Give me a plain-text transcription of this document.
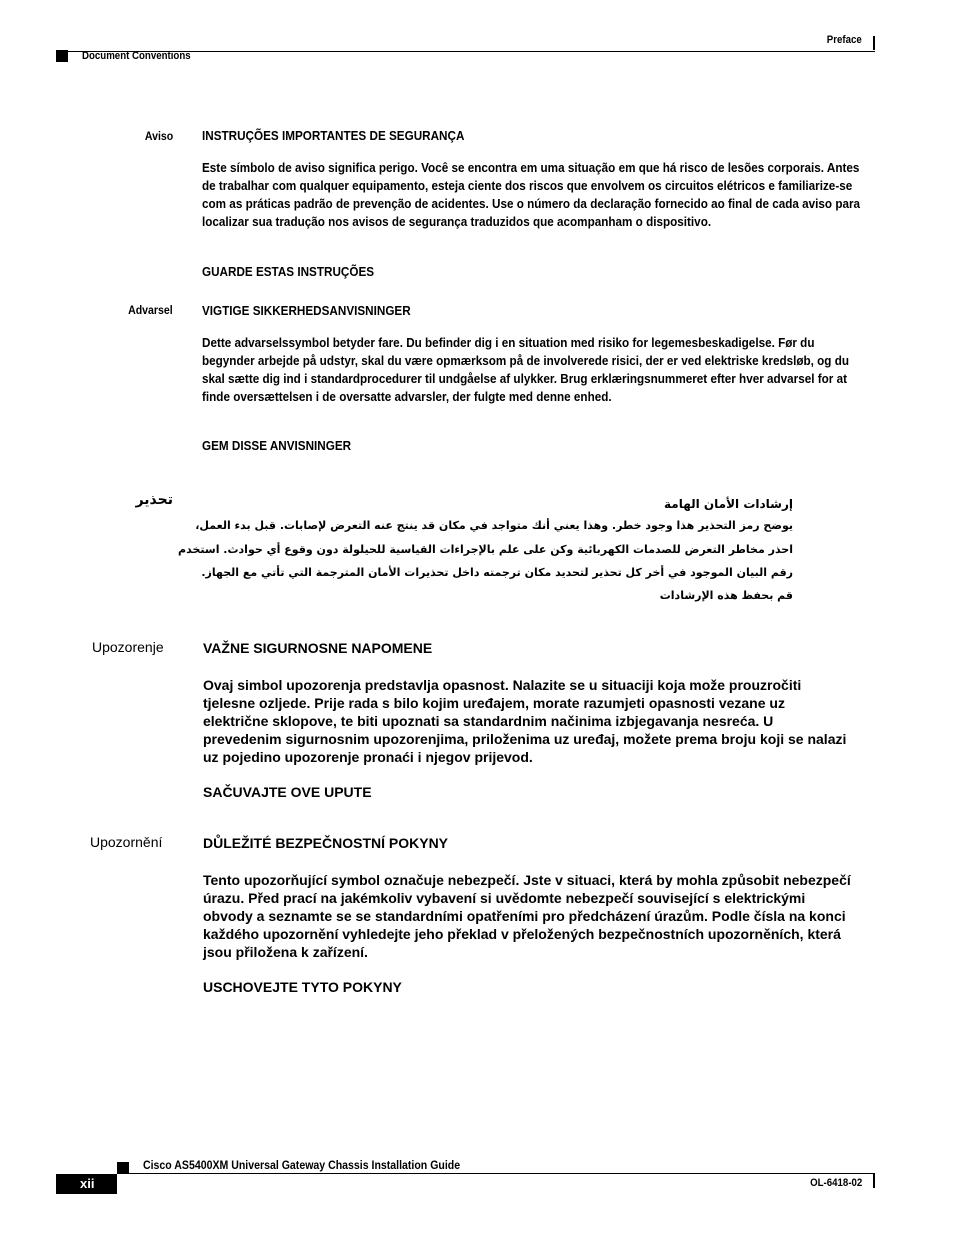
Preface
Document Conventions
Aviso INSTRUÇÕES IMPORTANTES DE SEGURANÇA
Este símbolo de aviso significa perigo. Você se encontra em uma situação em que há risco de lesões corporais. Antes de trabalhar com qualquer equipamento, esteja ciente dos riscos que envolvem os circuitos elétricos e familiarize-se com as práticas padrão de prevenção de acidentes. Use o número da declaração fornecido ao final de cada aviso para localizar sua tradução nos avisos de segurança traduzidos que acompanham o dispositivo.
GUARDE ESTAS INSTRUÇÕES
Advarsel VIGTIGE SIKKERHEDSANVISNINGER
Dette advarselssymbol betyder fare. Du befinder dig i en situation med risiko for legemesbeskadigelse. Før du begynder arbejde på udstyr, skal du være opmærksom på de involverede risici, der er ved elektriske kredsløb, og du skal sætte dig ind i standardprocedurer til undgåelse af ulykker. Brug erklæringsnummeret efter hver advarsel for at finde oversættelsen i de oversatte advarsler, der fulgte med denne enhed.
GEM DISSE ANVISNINGER
تحذير	إرشادات الأمان الهامة
يوضح رمز التحذير هذا وجود خطر. وهذا يعني أنك متواجد في مكان قد ينتج عنه التعرض لإصابات. قبل بدء العمل،
احذر مخاطر التعرض للصدمات الكهربائية وكن على علم بالإجراءات القياسية للحيلولة دون وقوع أي حوادث. استخدم
رقم البيان الموجود في أخر كل تحذير لتحديد مكان ترجمته داخل تحذيرات الأمان المترجمة التي تأتي مع الجهاز.
قم بحفظ هذه الإرشادات
Upozorenje	VAŽNE SIGURNOSNE NAPOMENE
Ovaj simbol upozorenja predstavlja opasnost. Nalazite se u situaciji koja može prouzročiti tjelesne ozljede. Prije rada s bilo kojim uređajem, morate razumjeti opasnosti vezane uz električne sklopove, te biti upoznati sa standardnim načinima izbjegavanja nesreća. U prevedenim sigurnosnim upozorenjima, priloženima uz uređaj, možete prema broju koji se nalazi uz pojedino upozorenje pronaći i njegov prijevod.
SAČUVAJTE OVE UPUTE
Upozornění	DŮLEŽITÉ BEZPEČNOSTNÍ POKYNY
Tento upozorňující symbol označuje nebezpečí. Jste v situaci, která by mohla způsobit nebezpečí úrazu. Před prací na jakémkoliv vybavení si uvědomte nebezpečí související s elektrickými obvody a seznamte se se standardními opatřeními pro předcházení úrazům. Podle čísla na konci každého upozornění vyhledejte jeho překlad v přeložených bezpečnostních upozorněních, která jsou přiložena k zařízení.
USCHOVEJTE TYTO POKYNY
Cisco AS5400XM Universal Gateway Chassis Installation Guide
xii	OL-6418-02
